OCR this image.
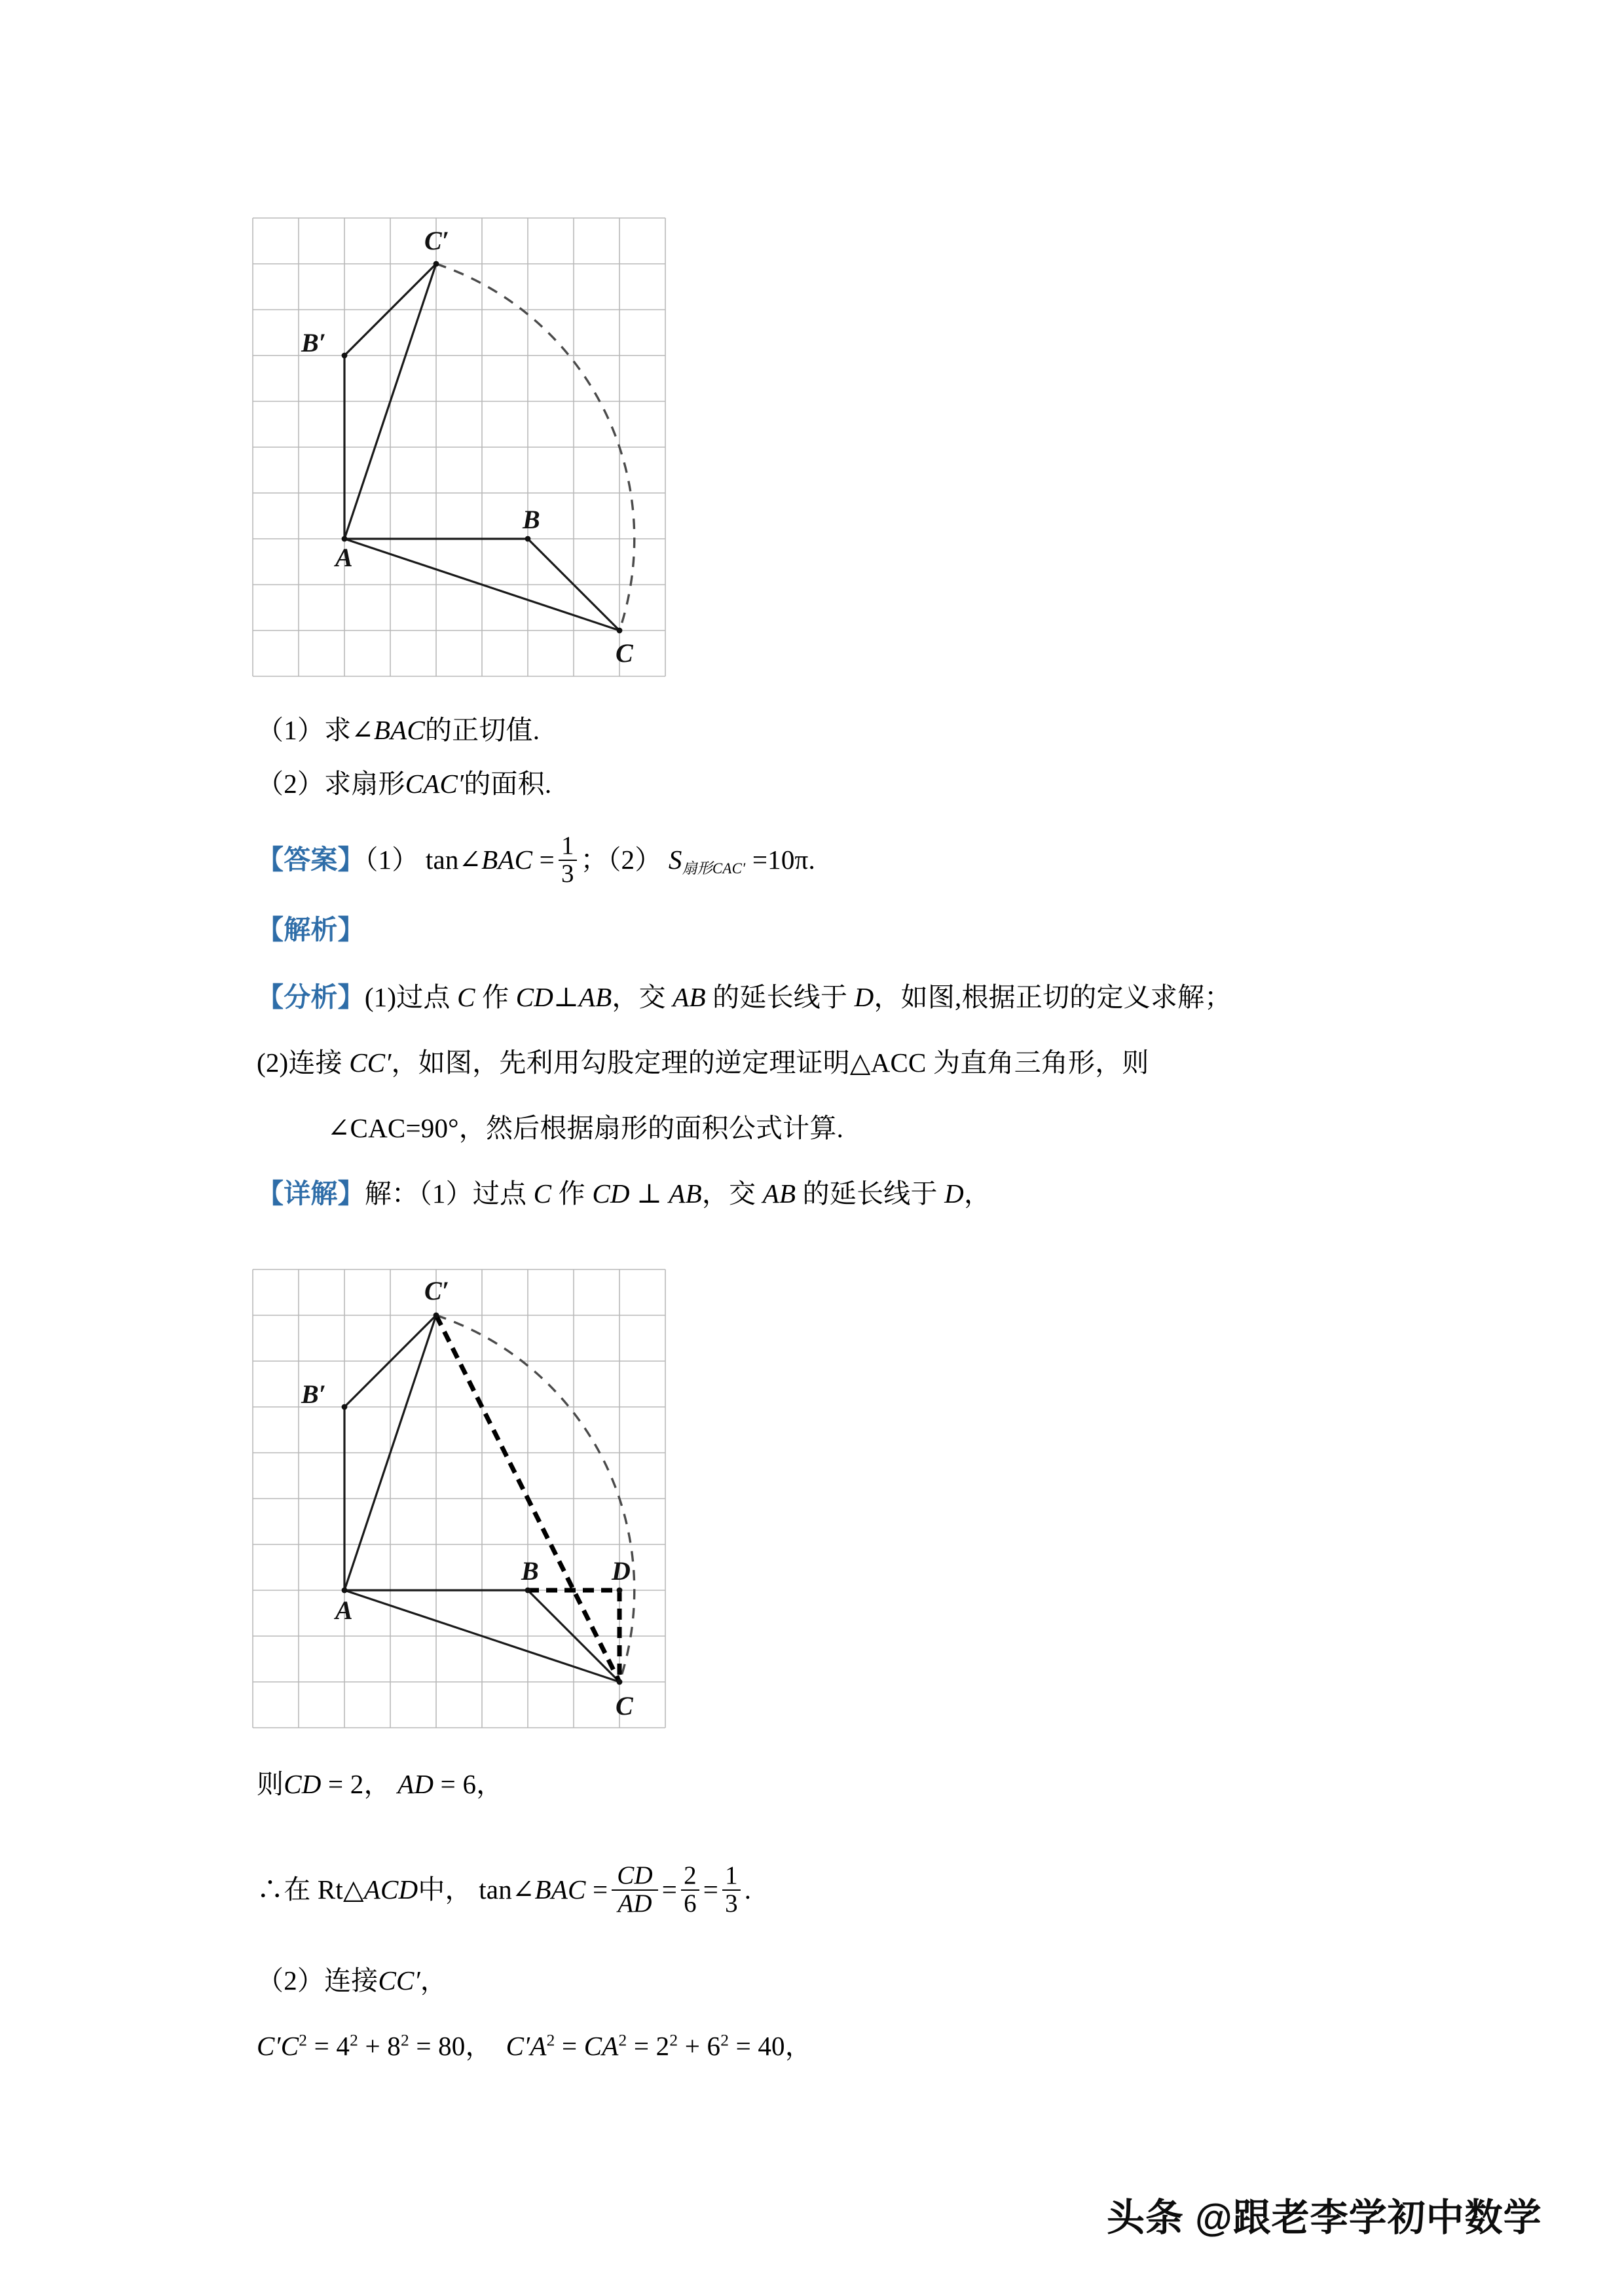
A
B
C
B′
C′
（1）求∠BAC的正切值.
（2）求扇形CAC′的面积.
【答案】（1） tan∠BAC = $\frac{1}{3}$ ；（2） $S_{扇形CAC'} =10\pi$.
【解析】
【分析】(1)过点 C 作 CD⊥AB，交 AB 的延长线于 D，如图,根据正切的定义求解；
(2)连接 CC′，如图，先利用勾股定理的逆定理证明△ACC 为直角三角形，则
∠CAC=90°，然后根据扇形的面积公式计算.
【详解】解：（1）过点 C 作 CD ⊥ AB，交 AB 的延长线于 D，
A
B
C
D
B′
C′
则CD = 2， AD = 6，
∴在 Rt△ACD中， tan∠BAC = $\frac{CD}{AD} = \frac{2}{6} = \frac{1}{3}$ .
（2）连接CC′，
$C'C^2 = 4^2 + 8^2 = 80$， $C'A^2 = CA^2 = 2^2 + 6^2 = 40$，
头条 @跟老李学初中数学
